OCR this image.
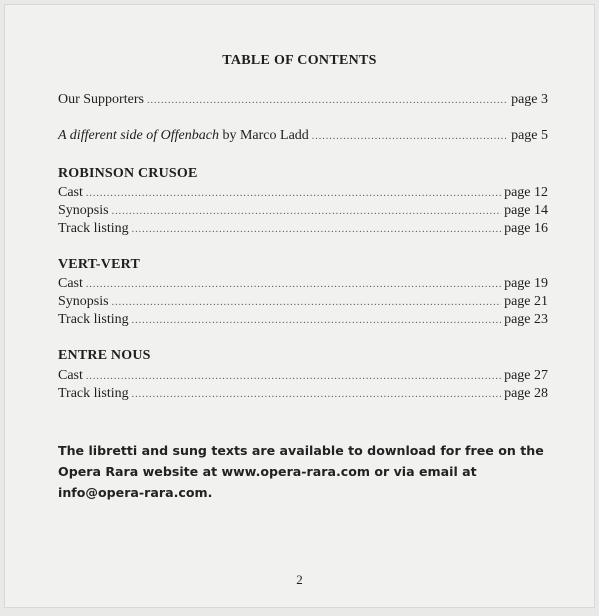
TABLE OF CONTENTS
Our Supporters .....	page 3
A different side of Offenbach by Marco Ladd .....	page 5
ROBINSON CRUSOE
Cast .....	page 12
Synopsis .....	page 14
Track listing .....	page 16
VERT-VERT
Cast .....	page 19
Synopsis .....	page 21
Track listing .....	page 23
ENTRE NOUS
Cast .....	page 27
Track listing .....	page 28
The libretti and sung texts are available to download for free on the Opera Rara website at www.opera-rara.com or via email at info@opera-rara.com.
2
